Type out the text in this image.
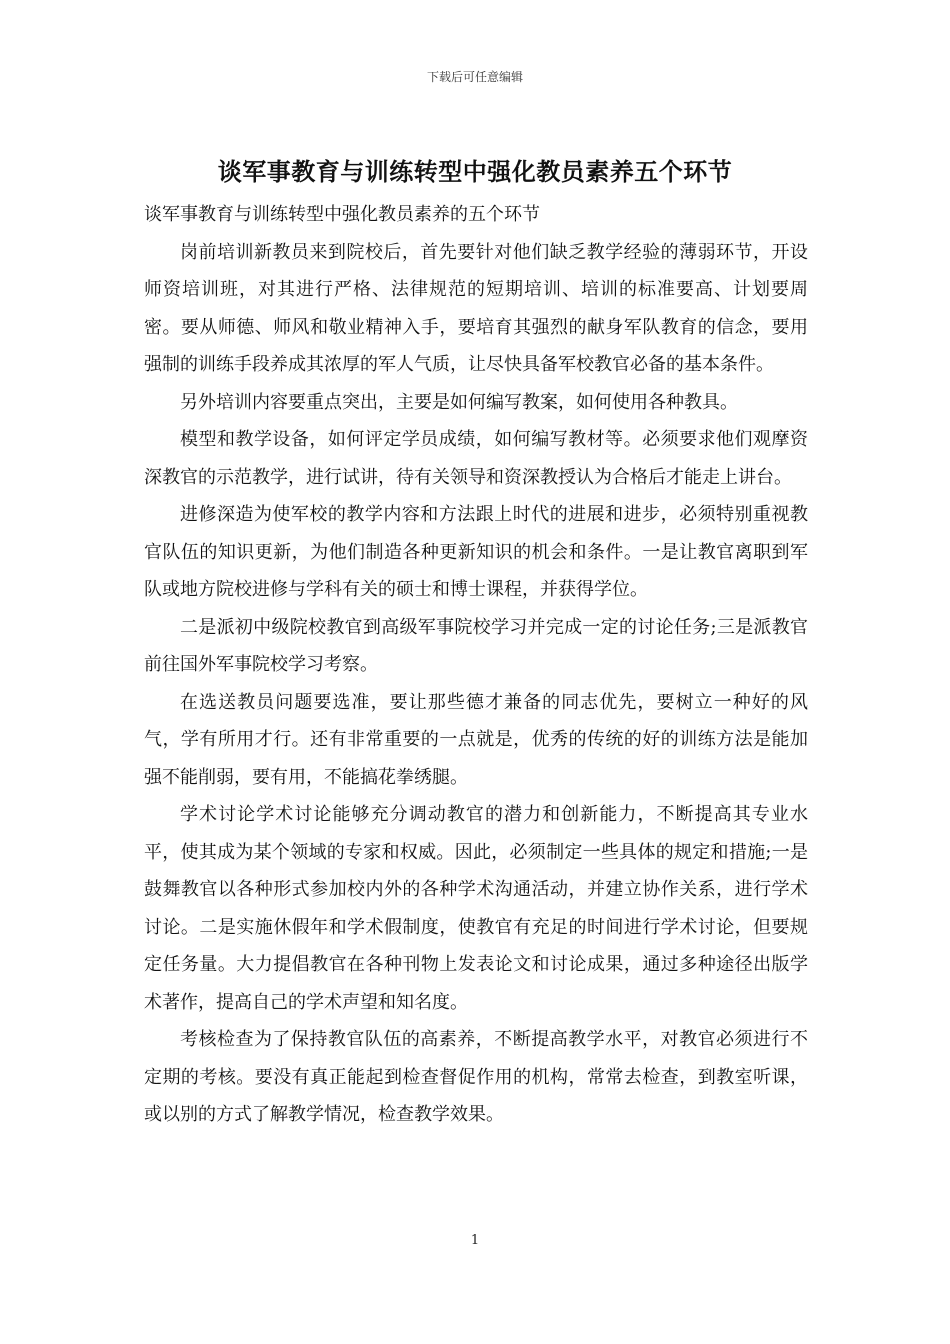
下载后可任意编辑
谈军事教育与训练转型中强化教员素养五个环节

谈军事教育与训练转型中强化教员素养的五个环节

岗前培训新教员来到院校后，首先要针对他们缺乏教学经验的薄弱环节，开设师资培训班，对其进行严格、法律规范的短期培训、培训的标准要高、计划要周密。要从师德、师风和敬业精神入手，要培育其强烈的献身军队教育的信念，要用强制的训练手段养成其浓厚的军人气质，让尽快具备军校教官必备的基本条件。

另外培训内容要重点突出，主要是如何编写教案，如何使用各种教具。

模型和教学设备，如何评定学员成绩，如何编写教材等。必须要求他们观摩资深教官的示范教学，进行试讲，待有关领导和资深教授认为合格后才能走上讲台。

进修深造为使军校的教学内容和方法跟上时代的进展和进步，必须特别重视教官队伍的知识更新，为他们制造各种更新知识的机会和条件。一是让教官离职到军队或地方院校进修与学科有关的硕士和博士课程，并获得学位。

二是派初中级院校教官到高级军事院校学习并完成一定的讨论任务;三是派教官前往国外军事院校学习考察。

在选送教员问题要选准，要让那些德才兼备的同志优先，要树立一种好的风气，学有所用才行。还有非常重要的一点就是，优秀的传统的好的训练方法是能加强不能削弱，要有用，不能搞花拳绣腿。

学术讨论学术讨论能够充分调动教官的潜力和创新能力，不断提高其专业水平，使其成为某个领域的专家和权威。因此，必须制定一些具体的规定和措施;一是鼓舞教官以各种形式参加校内外的各种学术沟通活动，并建立协作关系，进行学术讨论。二是实施休假年和学术假制度，使教官有充足的时间进行学术讨论，但要规定任务量。大力提倡教官在各种刊物上发表论文和讨论成果，通过多种途径出版学术著作，提高自己的学术声望和知名度。

考核检查为了保持教官队伍的高素养，不断提高教学水平，对教官必须进行不定期的考核。要没有真正能起到检查督促作用的机构，常常去检查，到教室听课，或以别的方式了解教学情况，检查教学效果。

1
